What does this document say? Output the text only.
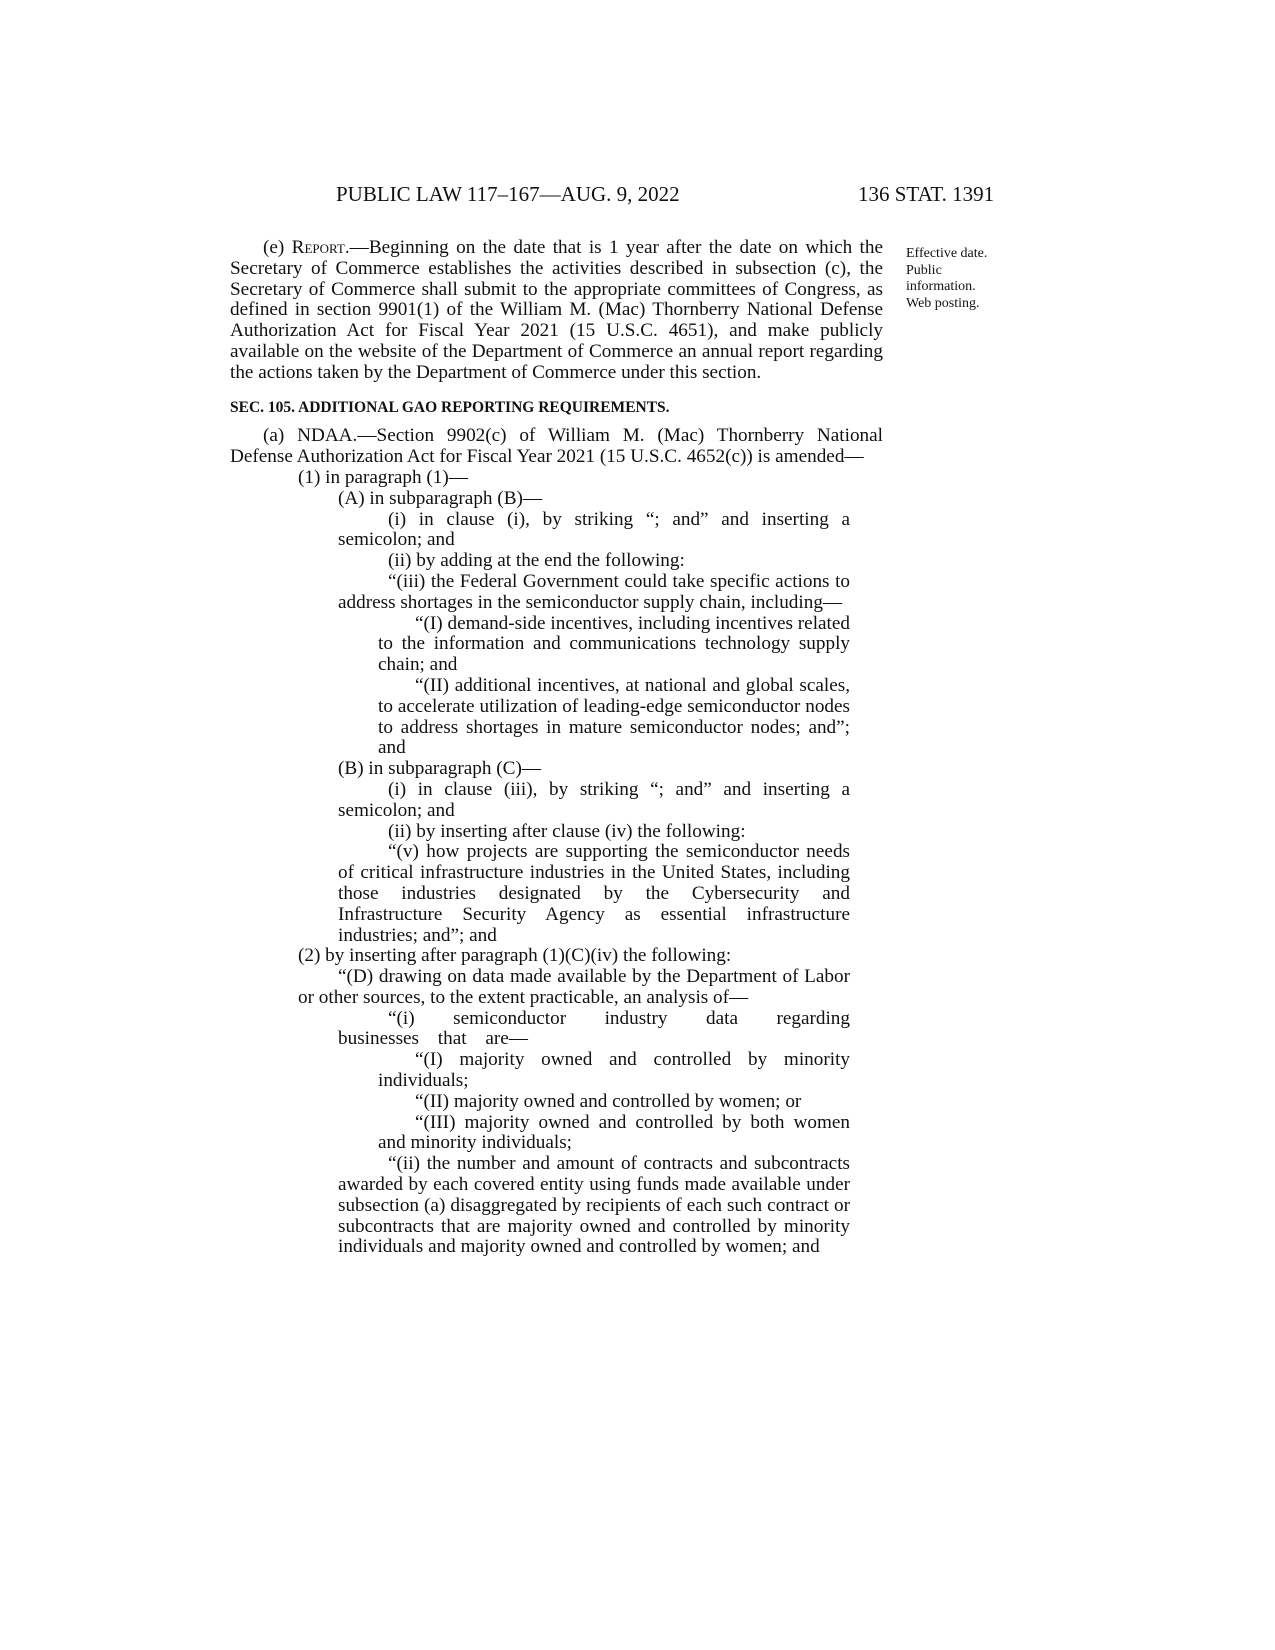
PUBLIC LAW 117–167—AUG. 9, 2022	136 STAT. 1391
Effective date.
Public
information.
Web posting.
(e) Report.—Beginning on the date that is 1 year after the date on which the Secretary of Commerce establishes the activities described in subsection (c), the Secretary of Commerce shall submit to the appropriate committees of Congress, as defined in section 9901(1) of the William M. (Mac) Thornberry National Defense Authorization Act for Fiscal Year 2021 (15 U.S.C. 4651), and make publicly available on the website of the Department of Commerce an annual report regarding the actions taken by the Department of Commerce under this section.
SEC. 105. ADDITIONAL GAO REPORTING REQUIREMENTS.
(a) NDAA.—Section 9902(c) of William M. (Mac) Thornberry National Defense Authorization Act for Fiscal Year 2021 (15 U.S.C. 4652(c)) is amended—
(1) in paragraph (1)—
(A) in subparagraph (B)—
(i) in clause (i), by striking “; and” and inserting a semicolon; and
(ii) by adding at the end the following:
“(iii) the Federal Government could take specific actions to address shortages in the semiconductor supply chain, including—
“(I) demand-side incentives, including incentives related to the information and communications technology supply chain; and
“(II) additional incentives, at national and global scales, to accelerate utilization of leading-edge semiconductor nodes to address shortages in mature semiconductor nodes; and”; and
(B) in subparagraph (C)—
(i) in clause (iii), by striking “; and” and inserting a semicolon; and
(ii) by inserting after clause (iv) the following:
“(v) how projects are supporting the semiconductor needs of critical infrastructure industries in the United States, including those industries designated by the Cybersecurity and Infrastructure Security Agency as essential infrastructure industries; and”; and
(2) by inserting after paragraph (1)(C)(iv) the following:
“(D) drawing on data made available by the Department of Labor or other sources, to the extent practicable, an analysis of—
“(i) semiconductor industry data regarding businesses that are—
“(I) majority owned and controlled by minority individuals;
“(II) majority owned and controlled by women; or
“(III) majority owned and controlled by both women and minority individuals;
“(ii) the number and amount of contracts and subcontracts awarded by each covered entity using funds made available under subsection (a) disaggregated by recipients of each such contract or subcontracts that are majority owned and controlled by minority individuals and majority owned and controlled by women; and
